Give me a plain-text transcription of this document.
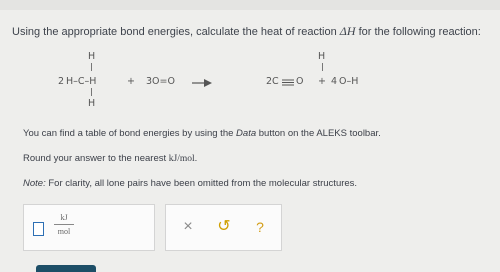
Using the appropriate bond energies, calculate the heat of reaction ΔH for the following reaction:
H
2 H–C–H
H
+ 3O=O	2C O +
H
4 O–H
You can find a table of bond energies by using the Data button on the ALEKS toolbar.
Round your answer to the nearest kJ/mol.
Note: For clarity, all lone pairs have been omitted from the molecular structures.
kJ
mol	×	↺	?
